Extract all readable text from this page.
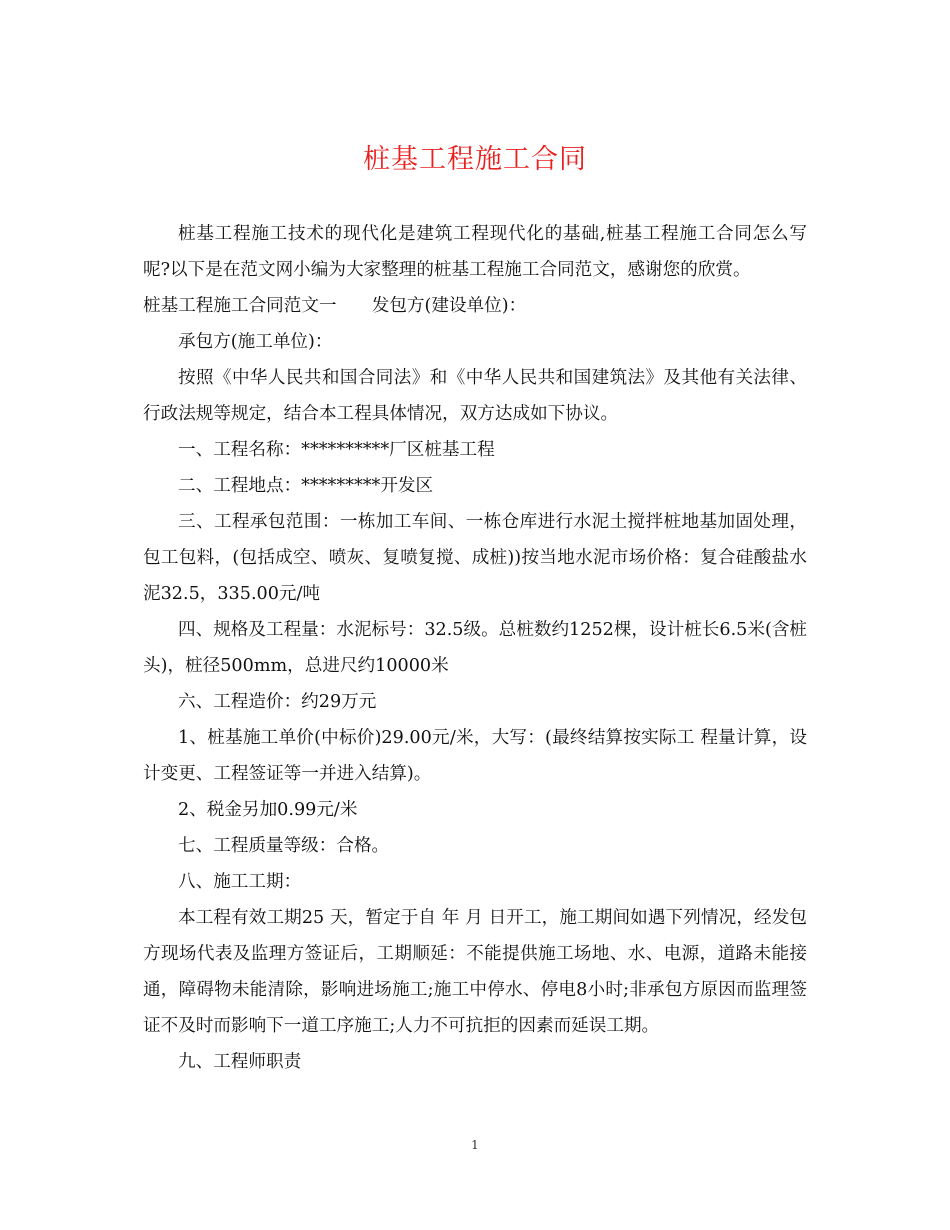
桩基工程施工合同

桩基工程施工技术的现代化是建筑工程现代化的基础,桩基工程施工合同怎么写呢?以下是在范文网小编为大家整理的桩基工程施工合同范文，感谢您的欣赏。

桩基工程施工合同范文一　　发包方(建设单位)：

承包方(施工单位)：

按照《中华人民共和国合同法》和《中华人民共和国建筑法》及其他有关法律、行政法规等规定，结合本工程具体情况，双方达成如下协议。

一、工程名称：**********厂区桩基工程

二、工程地点：*********开发区

三、工程承包范围：一栋加工车间、一栋仓库进行水泥土搅拌桩地基加固处理，包工包料，(包括成空、喷灰、复喷复搅、成桩))按当地水泥市场价格：复合硅酸盐水泥32.5，335.00元/吨

四、规格及工程量：水泥标号：32.5级。总桩数约1252棵，设计桩长6.5米(含桩头)，桩径500mm，总进尺约10000米

六、工程造价：约29万元

1、桩基施工单价(中标价)29.00元/米，大写：(最终结算按实际工 程量计算，设计变更、工程签证等一并进入结算)。

2、税金另加0.99元/米

七、工程质量等级：合格。

八、施工工期：

本工程有效工期25 天，暂定于自 年 月 日开工，施工期间如遇下列情况，经发包方现场代表及监理方签证后，工期顺延：不能提供施工场地、水、电源，道路未能接通，障碍物未能清除，影响进场施工;施工中停水、停电8小时;非承包方原因而监理签证不及时而影响下一道工序施工;人力不可抗拒的因素而延误工期。

九、工程师职责

1
